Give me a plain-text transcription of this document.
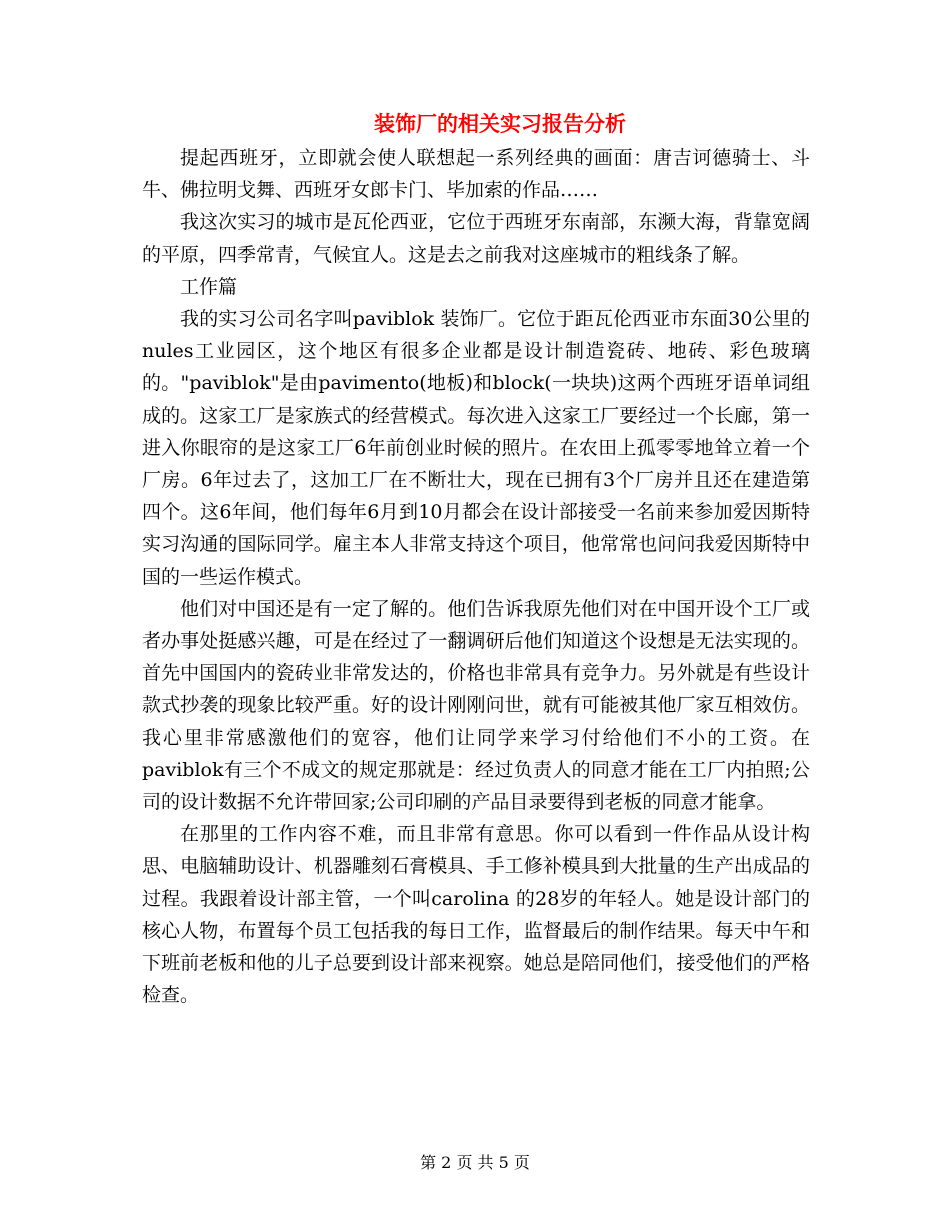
装饰厂的相关实习报告分析

提起西班牙，立即就会使人联想起一系列经典的画面：唐吉诃德骑士、斗牛、佛拉明戈舞、西班牙女郎卡门、毕加索的作品……

我这次实习的城市是瓦伦西亚，它位于西班牙东南部，东濒大海，背靠宽阔的平原，四季常青，气候宜人。这是去之前我对这座城市的粗线条了解。

工作篇

我的实习公司名字叫paviblok 装饰厂。它位于距瓦伦西亚市东面30公里的nules工业园区，这个地区有很多企业都是设计制造瓷砖、地砖、彩色玻璃的。"paviblok"是由pavimento(地板)和block(一块块)这两个西班牙语单词组成的。这家工厂是家族式的经营模式。每次进入这家工厂要经过一个长廊，第一进入你眼帘的是这家工厂6年前创业时候的照片。在农田上孤零零地耸立着一个厂房。6年过去了，这加工厂在不断壮大，现在已拥有3个厂房并且还在建造第四个。这6年间，他们每年6月到10月都会在设计部接受一名前来参加爱因斯特实习沟通的国际同学。雇主本人非常支持这个项目，他常常也问问我爱因斯特中国的一些运作模式。

他们对中国还是有一定了解的。他们告诉我原先他们对在中国开设个工厂或者办事处挺感兴趣，可是在经过了一翻调研后他们知道这个设想是无法实现的。首先中国国内的瓷砖业非常发达的，价格也非常具有竞争力。另外就是有些设计款式抄袭的现象比较严重。好的设计刚刚问世，就有可能被其他厂家互相效仿。我心里非常感激他们的宽容，他们让同学来学习付给他们不小的工资。在paviblok有三个不成文的规定那就是：经过负责人的同意才能在工厂内拍照;公司的设计数据不允许带回家;公司印刷的产品目录要得到老板的同意才能拿。

在那里的工作内容不难，而且非常有意思。你可以看到一件作品从设计构思、电脑辅助设计、机器雕刻石膏模具、手工修补模具到大批量的生产出成品的过程。我跟着设计部主管，一个叫carolina 的28岁的年轻人。她是设计部门的核心人物，布置每个员工包括我的每日工作，监督最后的制作结果。每天中午和下班前老板和他的儿子总要到设计部来视察。她总是陪同他们，接受他们的严格检查。

第 2 页 共 5 页
